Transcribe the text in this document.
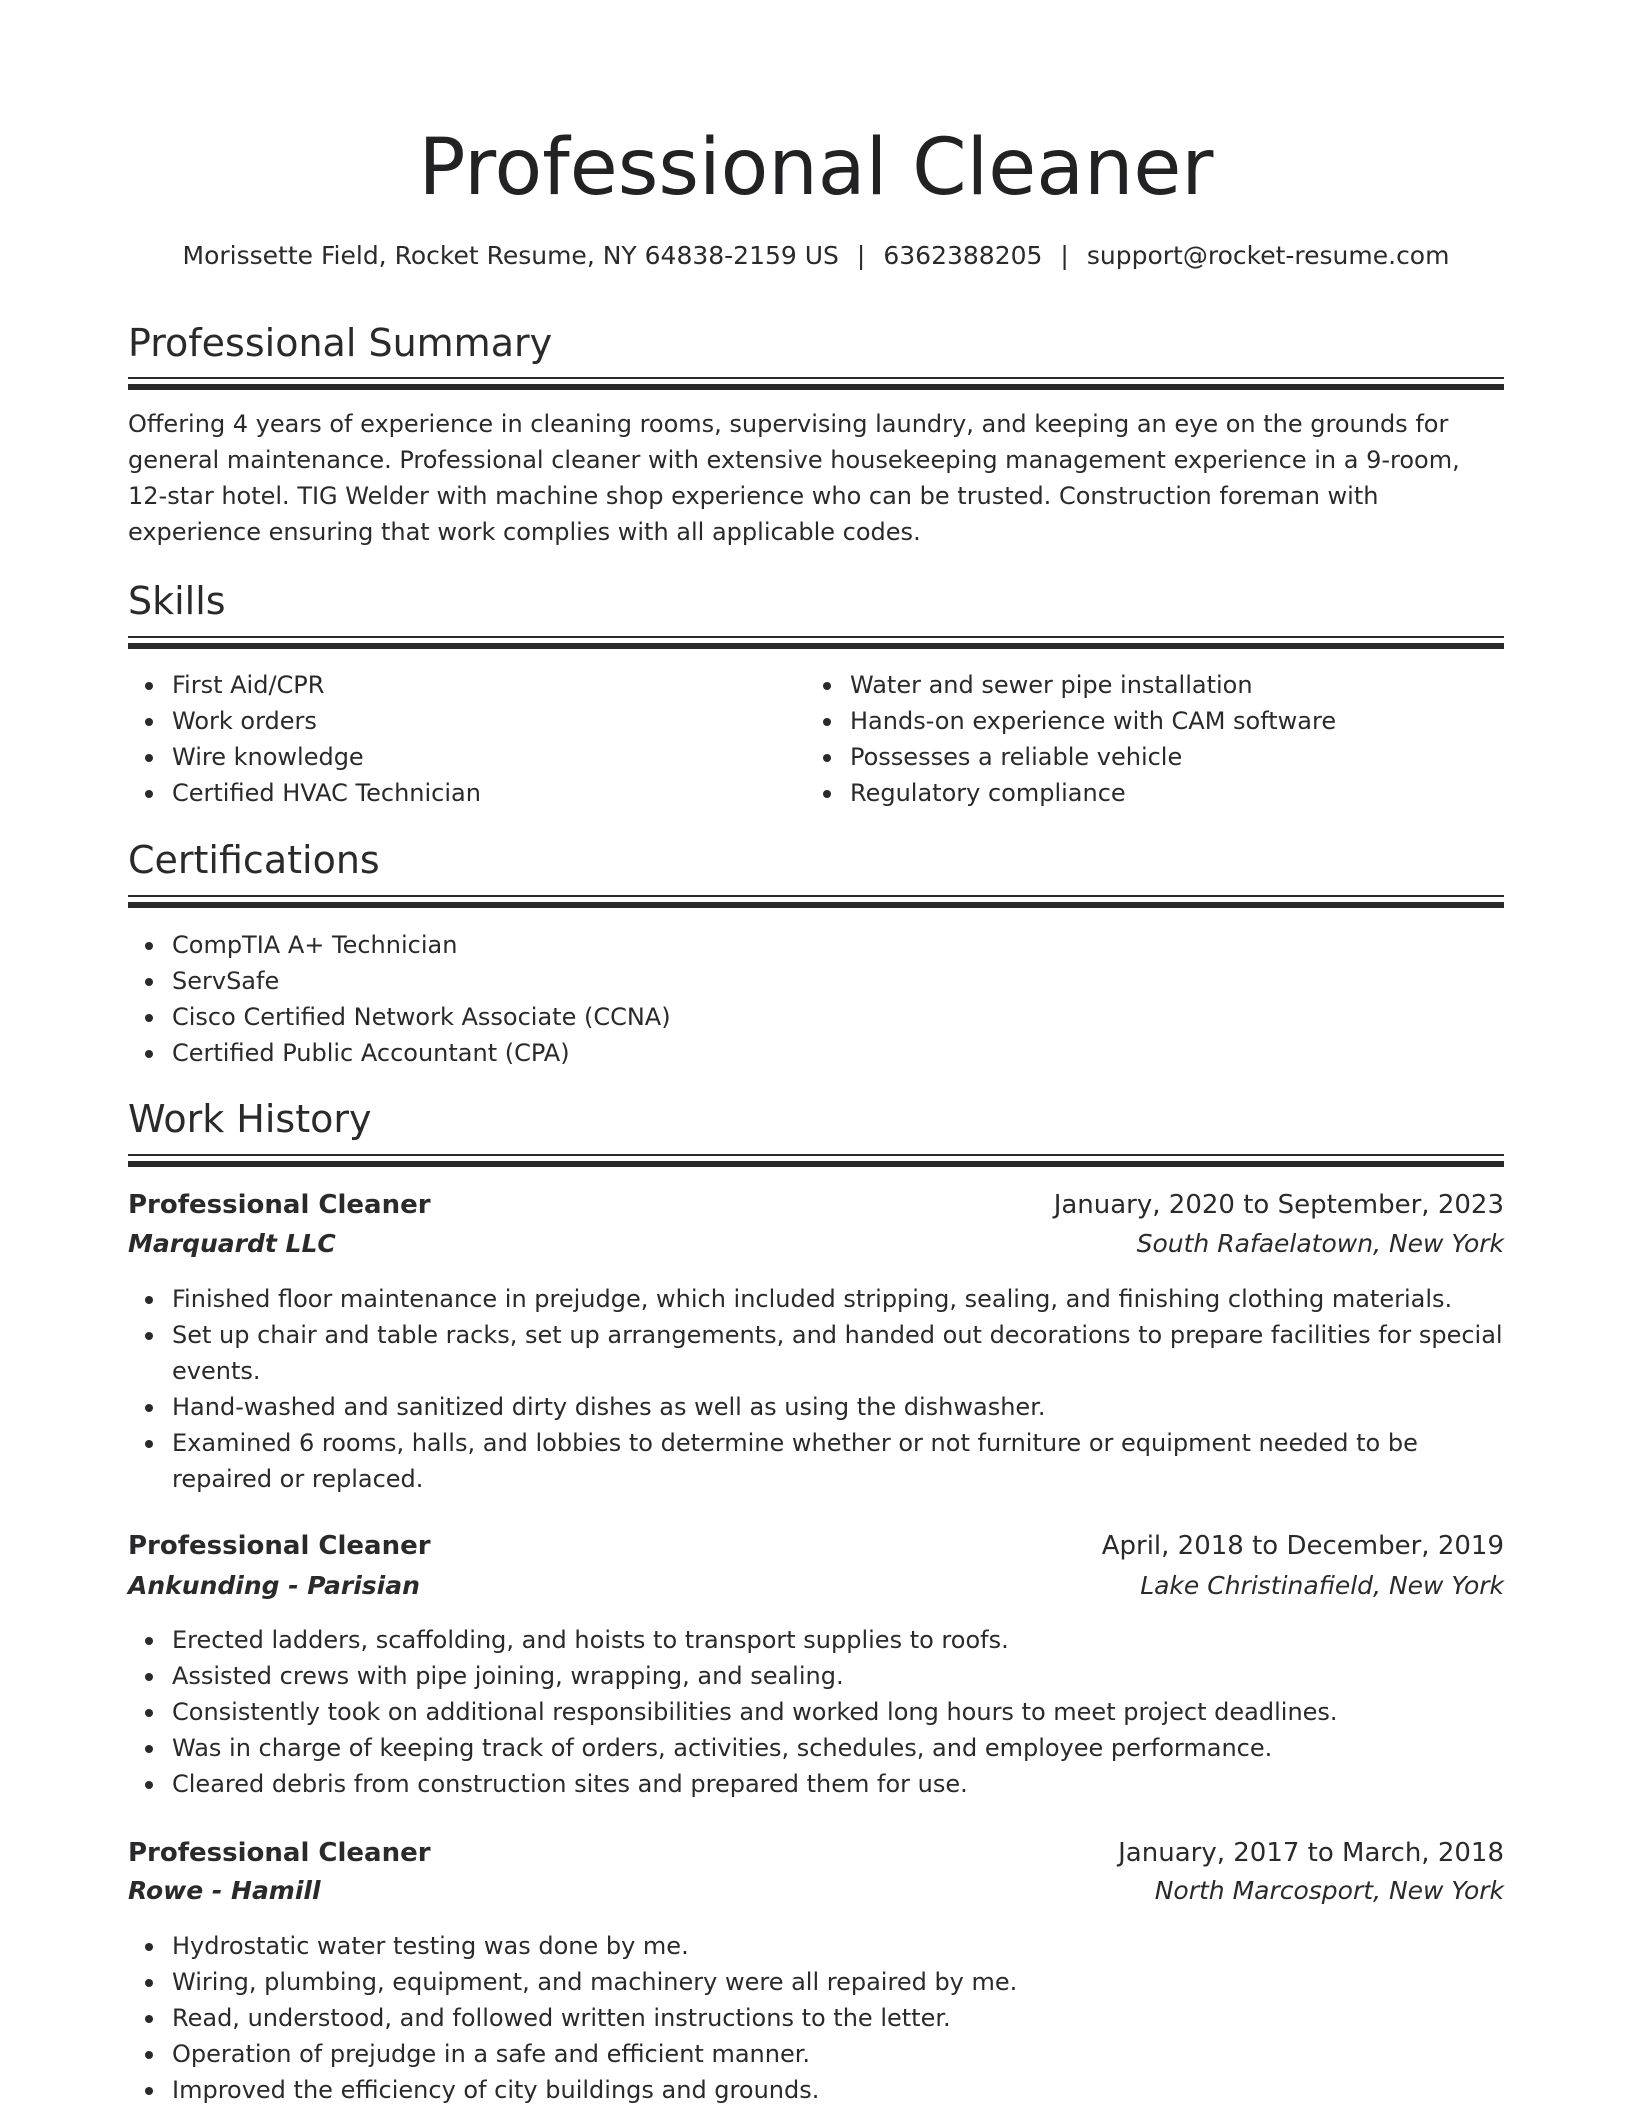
Professional Cleaner
Morissette Field, Rocket Resume, NY 64838-2159 US | 6362388205 | support@rocket-resume.com
Professional Summary

Offering 4 years of experience in cleaning rooms, supervising laundry, and keeping an eye on the grounds for general maintenance. Professional cleaner with extensive housekeeping management experience in a 9-room, 12-star hotel. TIG Welder with machine shop experience who can be trusted. Construction foreman with experience ensuring that work complies with all applicable codes.

Skills
First Aid/CPR
Work orders
Wire knowledge
Certified HVAC Technician
Water and sewer pipe installation
Hands-on experience with CAM software
Possesses a reliable vehicle
Regulatory compliance
Certifications
CompTIA A+ Technician
ServSafe
Cisco Certified Network Associate (CCNA)
Certified Public Accountant (CPA)
Work History
Professional Cleaner	January, 2020 to September, 2023
Marquardt LLC	South Rafaelatown, New York
Finished floor maintenance in prejudge, which included stripping, sealing, and finishing clothing materials.
Set up chair and table racks, set up arrangements, and handed out decorations to prepare facilities for special events.
Hand-washed and sanitized dirty dishes as well as using the dishwasher.
Examined 6 rooms, halls, and lobbies to determine whether or not furniture or equipment needed to be repaired or replaced.
Professional Cleaner	April, 2018 to December, 2019
Ankunding - Parisian	Lake Christinafield, New York
Erected ladders, scaffolding, and hoists to transport supplies to roofs.
Assisted crews with pipe joining, wrapping, and sealing.
Consistently took on additional responsibilities and worked long hours to meet project deadlines.
Was in charge of keeping track of orders, activities, schedules, and employee performance.
Cleared debris from construction sites and prepared them for use.
Professional Cleaner	January, 2017 to March, 2018
Rowe - Hamill	North Marcosport, New York
Hydrostatic water testing was done by me.
Wiring, plumbing, equipment, and machinery were all repaired by me.
Read, understood, and followed written instructions to the letter.
Operation of prejudge in a safe and efficient manner.
Improved the efficiency of city buildings and grounds.
